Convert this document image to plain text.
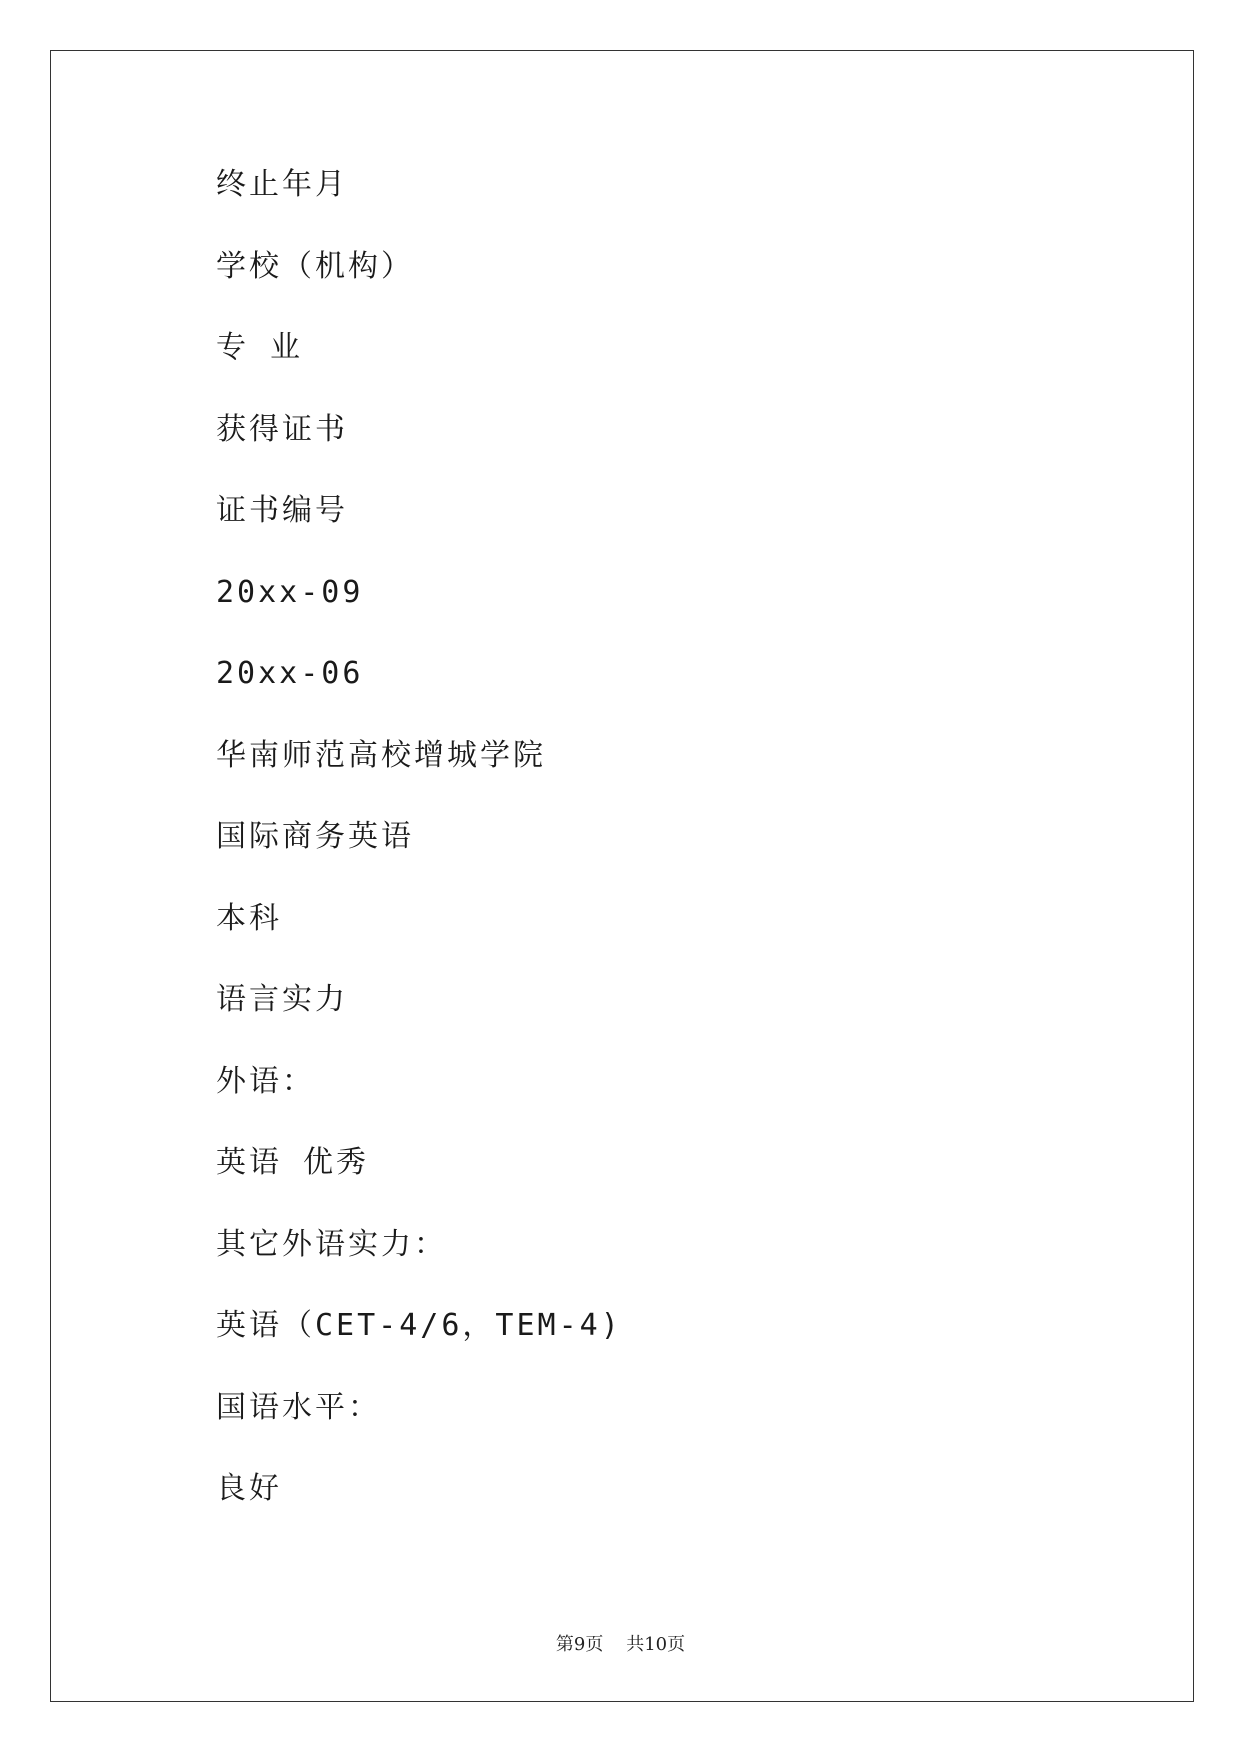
终止年月
学校（机构）
专 业
获得证书
证书编号
20xx-09
20xx-06
华南师范高校增城学院
国际商务英语
本科
语言实力
外语：
英语 优秀
其它外语实力：
英语（CET-4/6，TEM-4)
国语水平：
良好
第9页 共10页
